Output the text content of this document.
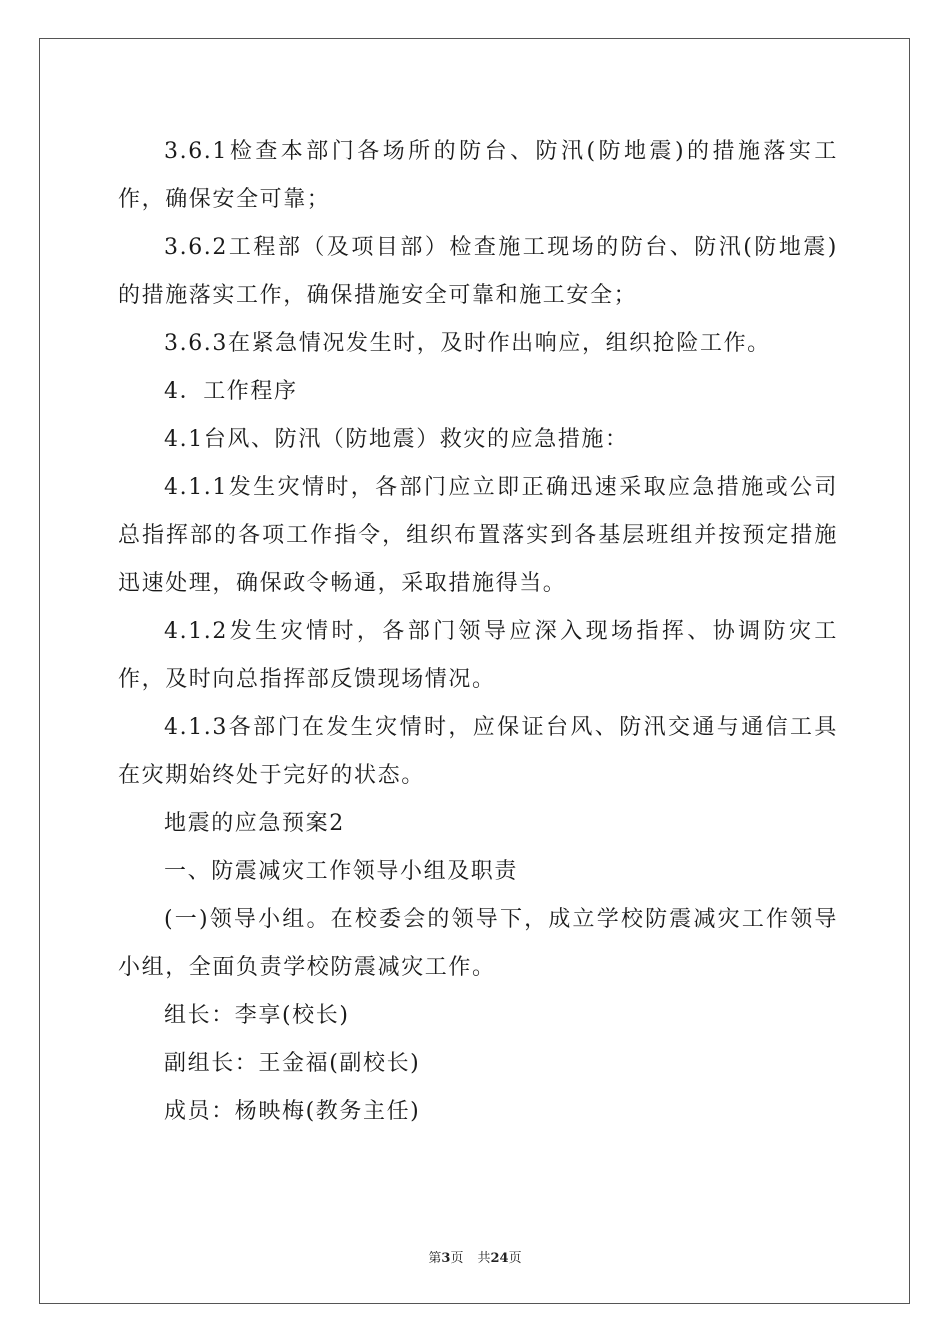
3.6.1检查本部门各场所的防台、防汛(防地震)的措施落实工作，确保安全可靠；

3.6.2工程部（及项目部）检查施工现场的防台、防汛(防地震)的措施落实工作，确保措施安全可靠和施工安全；

3.6.3在紧急情况发生时，及时作出响应，组织抢险工作。

4．工作程序

4.1台风、防汛（防地震）救灾的应急措施：

4.1.1发生灾情时，各部门应立即正确迅速采取应急措施或公司总指挥部的各项工作指令，组织布置落实到各基层班组并按预定措施迅速处理，确保政令畅通，采取措施得当。

4.1.2发生灾情时，各部门领导应深入现场指挥、协调防灾工作，及时向总指挥部反馈现场情况。

4.1.3各部门在发生灾情时，应保证台风、防汛交通与通信工具在灾期始终处于完好的状态。

地震的应急预案2

一、防震减灾工作领导小组及职责

(一)领导小组。在校委会的领导下，成立学校防震减灾工作领导小组，全面负责学校防震减灾工作。

组长：李享(校长)

副组长：王金福(副校长)

成员：杨映梅(教务主任)

第3页 共24页
